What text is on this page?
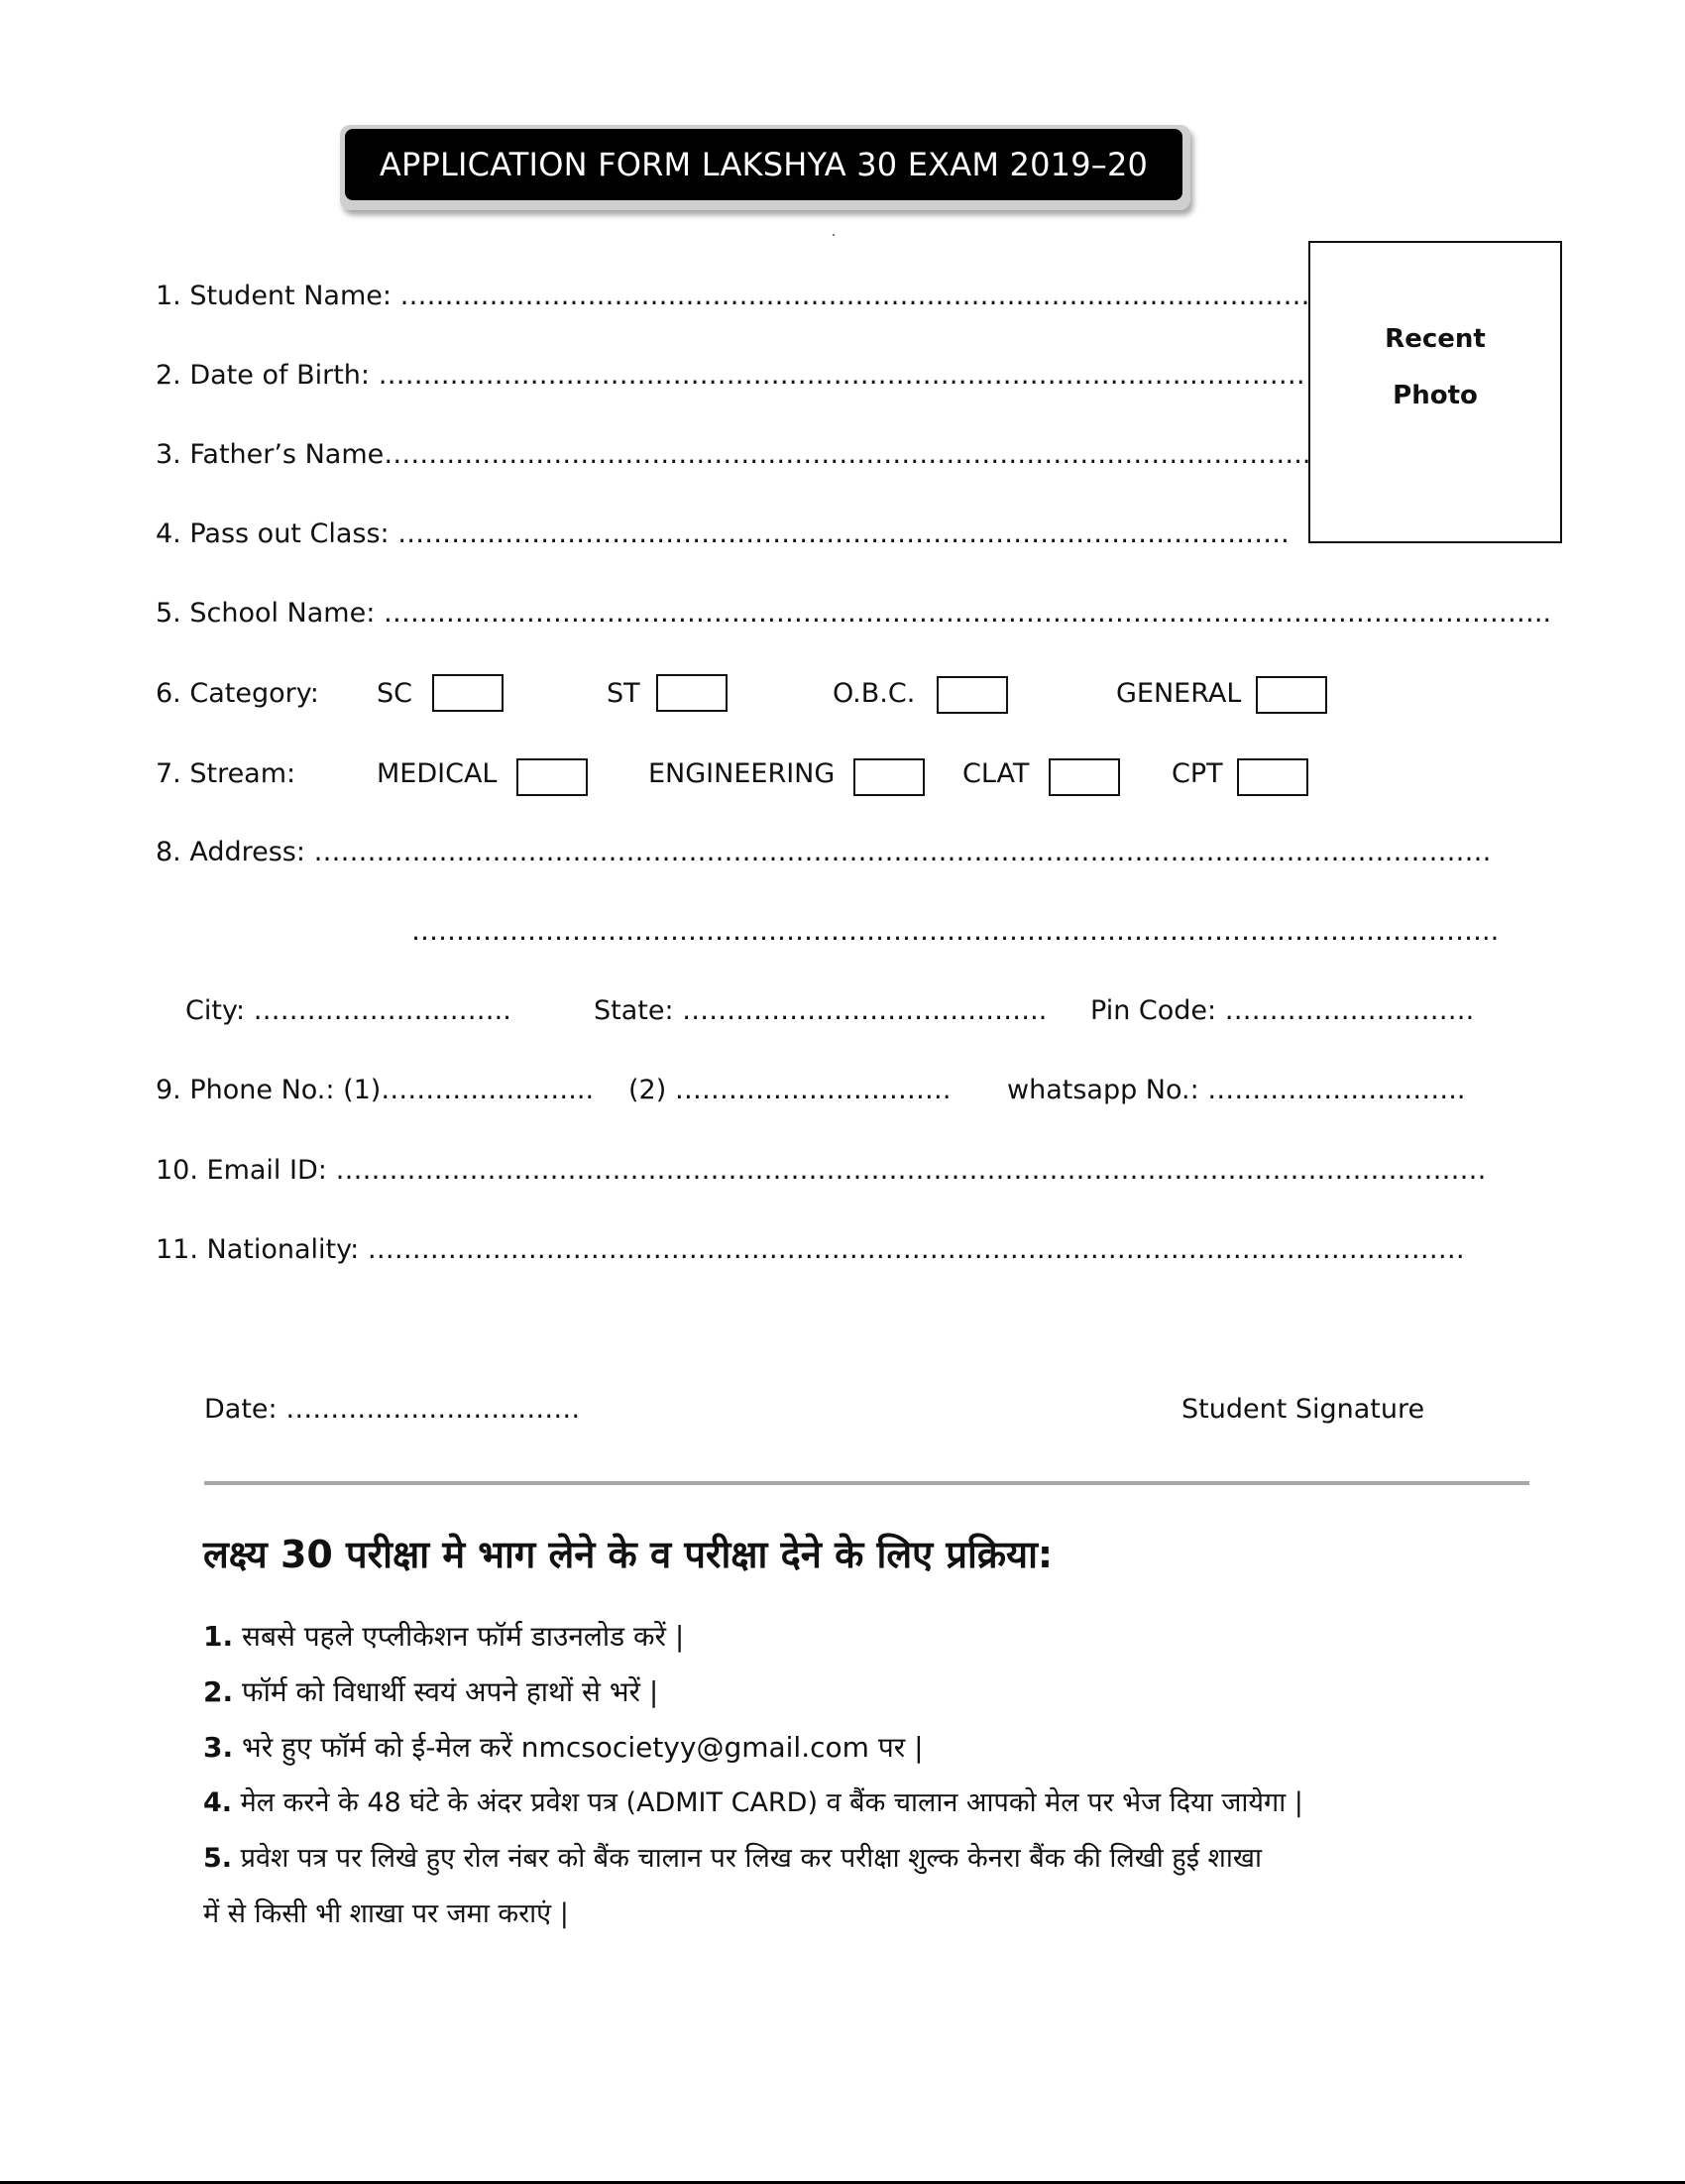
APPLICATION FORM LAKSHYA 30 EXAM 2019–20
Recent
Photo
1. Student Name: …………………………………………………………………………………………
2. Date of Birth: ………………………………………………………………………………..…………
3. Father’s Name…………………………………………………………………………………………..
4. Pass out Class: ……………………………………………………………………………………….
5. School Name: …………………………………………………………………………………………………………………..
6. Category: SC	ST	O.B.C.	GENERAL
7. Stream:	MEDICAL	ENGINEERING	CLAT	CPT
8. Address: ……………………………………………………………………………………………………………………
…………………………………………………………………………………………………………..
City: ………………………..	State: ………………………………….. Pin Code: ……………………….
9. Phone No.: (1)…………………... (2) …………………………. whatsapp No.: ………………………..
10. Email ID: …………………………………………………………………………………………………………………
11. Nationality: ……………………………………………………………………………………………………………
Date: ……………………………	Student Signature
लक्ष्य 30 परीक्षा मे भाग लेने के व परीक्षा देने के लिए प्रक्रिया:
1. सबसे पहले एप्लीकेशन फॉर्म डाउनलोड करें |
2. फॉर्म को विधार्थी स्वयं अपने हाथों से भरें |
3. भरे हुए फॉर्म को ई-मेल करें nmcsocietyy@gmail.com पर |
4. मेल करने के 48 घंटे के अंदर प्रवेश पत्र (ADMIT CARD) व बैंक चालान आपको मेल पर भेज दिया जायेगा |
5. प्रवेश पत्र पर लिखे हुए रोल नंबर को बैंक चालान पर लिख कर परीक्षा शुल्क केनरा बैंक की लिखी हुई शाखा
में से किसी भी शाखा पर जमा कराएं |
